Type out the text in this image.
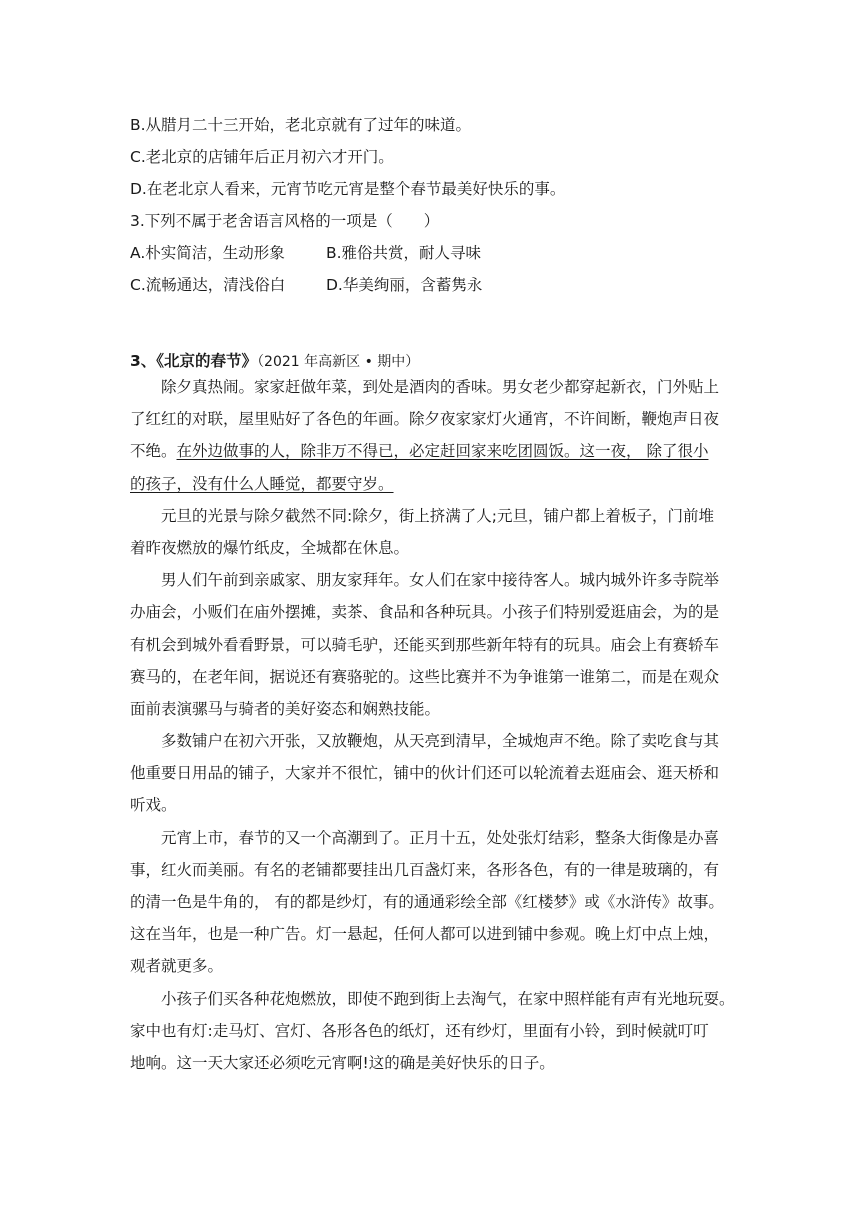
B.从腊月二十三开始，老北京就有了过年的味道。
C.老北京的店铺年后正月初六才开门。
D.在老北京人看来，元宵节吃元宵是整个春节最美好快乐的事。
3.下列不属于老舍语言风格的一项是（　　）
A.朴实简洁，生动形象	B.雅俗共赏，耐人寻味
C.流畅通达，清浅俗白	D.华美绚丽，含蓄隽永
3、《北京的春节》（2021 年高新区 • 期中）
除夕真热闹。家家赶做年菜，到处是酒肉的香味。男女老少都穿起新衣，门外贴上
了红红的对联，屋里贴好了各色的年画。除夕夜家家灯火通宵，不许间断，鞭炮声日夜
不绝。在外边做事的人，除非万不得已，必定赶回家来吃团圆饭。这一夜， 除了很小
的孩子，没有什么人睡觉，都要守岁。
元旦的光景与除夕截然不同:除夕，街上挤满了人;元旦，铺户都上着板子，门前堆
着昨夜燃放的爆竹纸皮，全城都在休息。
男人们午前到亲戚家、朋友家拜年。女人们在家中接待客人。城内城外许多寺院举
办庙会，小贩们在庙外摆摊，卖茶、食品和各种玩具。小孩子们特别爱逛庙会，为的是
有机会到城外看看野景，可以骑毛驴，还能买到那些新年特有的玩具。庙会上有赛轿车
赛马的，在老年间，据说还有赛骆驼的。这些比赛并不为争谁第一谁第二，而是在观众
面前表演骡马与骑者的美好姿态和娴熟技能。
多数铺户在初六开张，又放鞭炮，从天亮到清早，全城炮声不绝。除了卖吃食与其
他重要日用品的铺子，大家并不很忙，铺中的伙计们还可以轮流着去逛庙会、逛天桥和
听戏。
元宵上市，春节的又一个高潮到了。正月十五，处处张灯结彩，整条大街像是办喜
事，红火而美丽。有名的老铺都要挂出几百盏灯来，各形各色，有的一律是玻璃的，有
的清一色是牛角的， 有的都是纱灯，有的通通彩绘全部《红楼梦》或《水浒传》故事。
这在当年，也是一种广告。灯一悬起，任何人都可以进到铺中参观。晚上灯中点上烛，
观者就更多。
小孩子们买各种花炮燃放，即使不跑到街上去淘气，在家中照样能有声有光地玩耍。
家中也有灯:走马灯、宫灯、各形各色的纸灯，还有纱灯，里面有小铃，到时候就叮叮
地响。这一天大家还必须吃元宵啊!这的确是美好快乐的日子。
